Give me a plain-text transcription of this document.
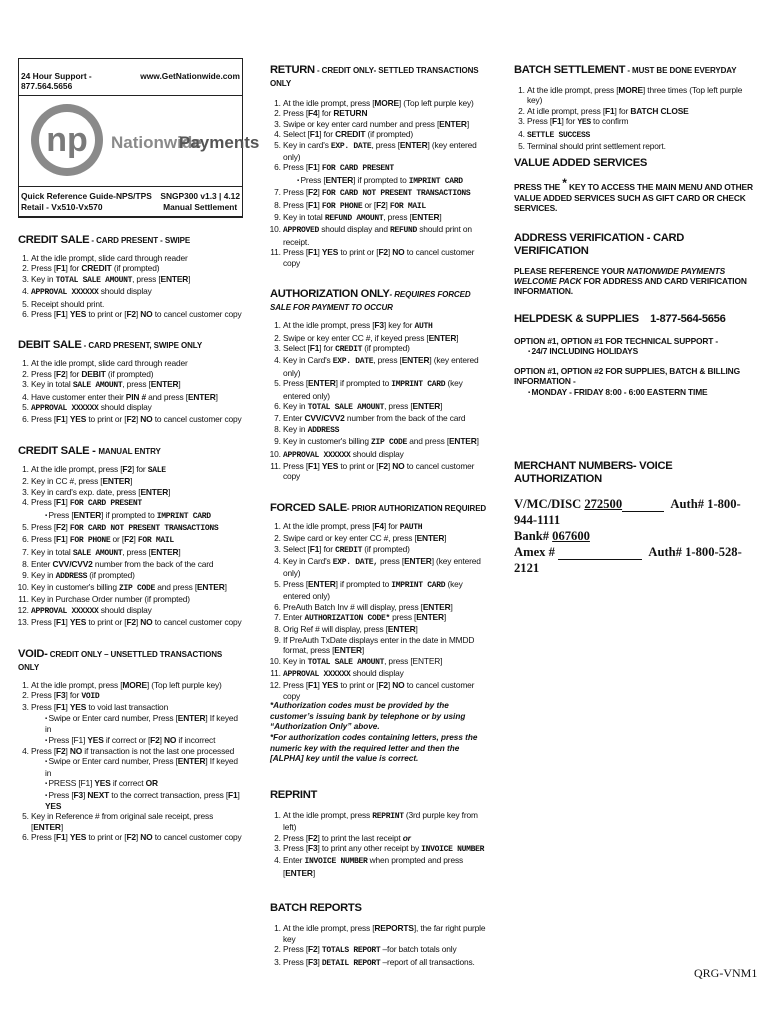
24 Hour Support - 877.564.5656
www.GetNationwide.com
np Nationwide
Payments
Quick Reference Guide-NPS/TPS
Retail - Vx510-Vx570
SNGP300 v1.3 | 4.12
Manual Settlement
CREDIT SALE - CARD PRESENT - SWIPE
1. At the idle prompt, slide card through reader
2. Press [F1] for CREDIT (if prompted)
3. Key in TOTAL SALE AMOUNT, press [ENTER]
4. APPROVAL XXXXXX should display
5. Receipt should print.
6. Press [F1] YES to print or [F2] NO to cancel customer copy
DEBIT SALE - CARD PRESENT, SWIPE ONLY
1. At the idle prompt, slide card through reader
2. Press [F2] for DEBIT (if prompted)
3. Key in total SALE AMOUNT, press [ENTER]
4. Have customer enter their PIN # and press [ENTER]
5. APPROVAL XXXXXX should display
6. Press [F1] YES to print or [F2] NO to cancel customer copy
CREDIT SALE - MANUAL ENTRY
1. At the idle prompt, press [F2] for SALE
2. Key in CC #, press [ENTER]
3. Key in card's exp. date, press [ENTER]
4. Press [F1] FOR CARD PRESENT
▪ Press [ENTER] if prompted to IMPRINT CARD
5. Press [F2] FOR CARD NOT PRESENT TRANSACTIONS
6. Press [F1] FOR PHONE or [F2] FOR MAIL
7. Key in total SALE AMOUNT, press [ENTER]
8. Enter CVV/CVV2 number from the back of the card
9. Key in ADDRESS (if prompted)
10. Key in customer's billing ZIP CODE and press [ENTER]
11. Key in Purchase Order number (if prompted)
12. APPROVAL XXXXXX should display
13. Press [F1] YES to print or [F2] NO to cancel customer copy
VOID- CREDIT ONLY – UNSETTLED TRANSACTIONS ONLY
1. At the idle prompt, press [MORE] (Top left purple key)
2. Press [F3] for VOID
3. Press [F1] YES to void last transaction
▪ Swipe or Enter card number, Press [ENTER] If keyed in
▪ Press [F1] YES if correct or [F2] NO if incorrect
4. Press [F2] NO if transaction is not the last one processed
▪ Swipe or Enter card number, Press [ENTER] If keyed in
▪ PRESS [F1] YES if correct OR
▪ Press [F3] NEXT to the correct transaction, press [F1] YES
5. Key in Reference # from original sale receipt, press [ENTER]
6. Press [F1] YES to print or [F2] NO to cancel customer copy
RETURN - CREDIT ONLY- SETTLED TRANSACTIONS ONLY
1. At the idle prompt, press [MORE] (Top left purple key)
2. Press [F4] for RETURN
3. Swipe or key enter card number and press [ENTER]
4. Select [F1] for CREDIT (if prompted)
5. Key in card's EXP. DATE, press [ENTER] (key entered only)
6. Press [F1] FOR CARD PRESENT
▪ Press [ENTER] if prompted to IMPRINT CARD
7. Press [F2] FOR CARD NOT PRESENT TRANSACTIONS
8. Press [F1] FOR PHONE or [F2] FOR MAIL
9. Key in total REFUND AMOUNT, press [ENTER]
10. APPROVED should display and REFUND should print on receipt.
11. Press [F1] YES to print or [F2] NO to cancel customer copy
AUTHORIZATION ONLY- REQUIRES FORCED SALE FOR PAYMENT TO OCCUR
1. At the idle prompt, press [F3] key for AUTH
2. Swipe or key enter CC #, if keyed press [ENTER]
3. Select [F1] for CREDIT (if prompted)
4. Key in Card's EXP. DATE, press [ENTER] (key entered only)
5. Press [ENTER] if prompted to IMPRINT CARD (key entered only)
6. Key in TOTAL SALE AMOUNT, press [ENTER]
7. Enter CVV/CVV2 number from the back of the card
8. Key in ADDRESS
9. Key in customer's billing ZIP CODE and press [ENTER]
10. APPROVAL XXXXXX should display
11. Press [F1] YES to print or [F2] NO to cancel customer copy
FORCED SALE- PRIOR AUTHORIZATION REQUIRED
1. At the idle prompt, press [F4] for PAUTH
2. Swipe card or key enter CC #, press [ENTER]
3. Select [F1] for CREDIT (if prompted)
4. Key in Card's EXP. DATE, press [ENTER] (key entered only)
5. Press [ENTER] if prompted to IMPRINT CARD (key entered only)
6. PreAuth Batch Inv # will display, press [ENTER]
7. Enter AUTHORIZATION CODE* press [ENTER]
8. Orig Ref # will display, press [ENTER]
9. If PreAuth TxDate displays enter in the date in MMDD format, press [ENTER]
10. Key in TOTAL SALE AMOUNT, press [ENTER]
11. APPROVAL XXXXXX should display
12. Press [F1] YES to print or [F2] NO to cancel customer copy
*Authorization codes must be provided by the customer’s issuing bank by telephone or by using “Authorization Only” above.
*For authorization codes containing letters, press the numeric key with the required letter and then the [ALPHA] key until the value is correct.
REPRINT
1. At the idle prompt, press REPRINT (3rd purple key from left)
2. Press [F2] to print the last receipt or
3. Press [F3] to print any other receipt by INVOICE NUMBER
4. Enter INVOICE NUMBER when prompted and press [ENTER]
BATCH REPORTS
1. At the idle prompt, press [REPORTS], the far right purple key
2. Press [F2] TOTALS REPORT –for batch totals only
3. Press [F3] DETAIL REPORT –report of all transactions.
BATCH SETTLEMENT - MUST BE DONE EVERYDAY
1. At the idle prompt, press [MORE] three times (Top left purple key)
2. At idle prompt, press [F1] for BATCH CLOSE
3. Press [F1] for YES to confirm
4. SETTLE SUCCESS
5. Terminal should print settlement report.
VALUE ADDED SERVICES
PRESS THE * KEY TO ACCESS THE MAIN MENU AND OTHER VALUE ADDED SERVICES SUCH AS GIFT CARD OR CHECK SERVICES.
ADDRESS VERIFICATION - CARD VERIFICATION
PLEASE REFERENCE YOUR NATIONWIDE PAYMENTS WELCOME PACK FOR ADDRESS AND CARD VERIFICATION INFORMATION.
HELPDESK & SUPPLIES 1-877-564-5656
OPTION #1, OPTION #1 FOR TECHNICAL SUPPORT -
▪ 24/7 INCLUDING HOLIDAYS
OPTION #1, OPTION #2 FOR SUPPLIES, BATCH & BILLING INFORMATION -
▪ MONDAY - FRIDAY 8:00 - 6:00 EASTERN TIME
MERCHANT NUMBERS- VOICE AUTHORIZATION
V/MC/DISC 272500	Auth# 1-800-944-1111
Bank# 067600
Amex #	Auth# 1-800-528-2121
QRG-VNM1
